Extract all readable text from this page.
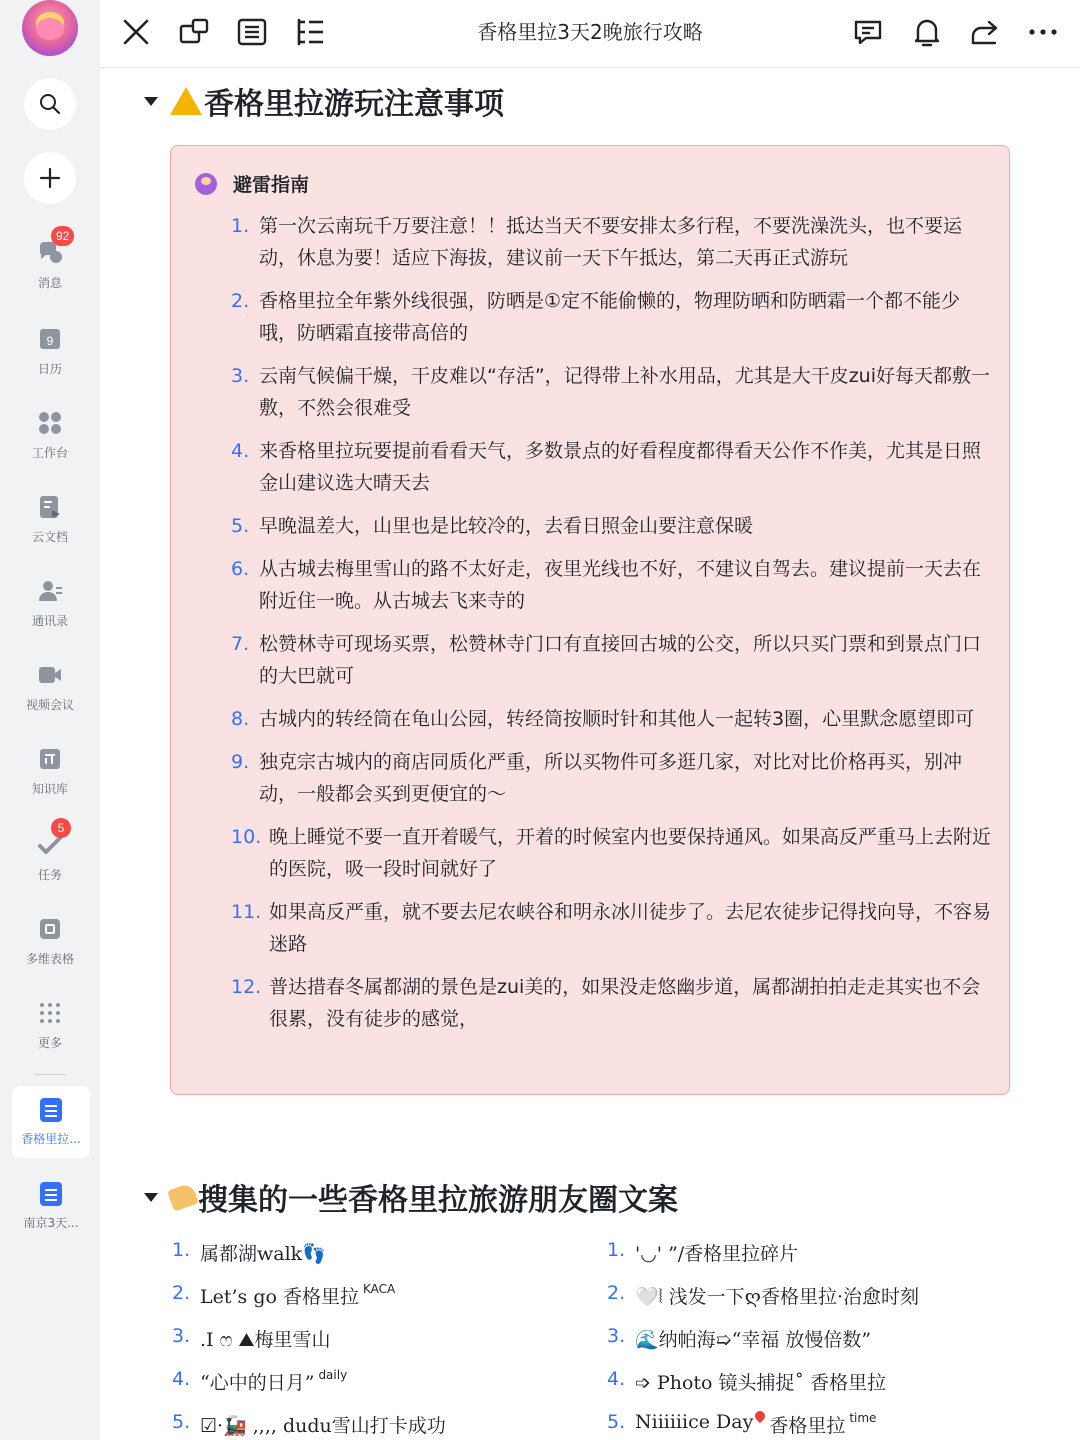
92
消息
9
日历
工作台
云文档
通讯录
视频会议
知识库
5
任务
多维表格
更多
香格里拉...
南京3天...
香格里拉3天2晚旅行攻略
香格里拉游玩注意事项
避雷指南
1. 第一次云南玩千万要注意！！抵达当天不要安排太多行程，不要洗澡洗头，也不要运动，休息为要！适应下海拔，建议前一天下午抵达，第二天再正式游玩
2. 香格里拉全年紫外线很强，防晒是①定不能偷懒的，物理防晒和防晒霜一个都不能少哦，防晒霜直接带高倍的
3. 云南气候偏干燥，干皮难以“存活”，记得带上补水用品，尤其是大干皮zui好每天都敷一敷，不然会很难受
4. 来香格里拉玩要提前看看天气，多数景点的好看程度都得看天公作不作美，尤其是日照金山建议选大晴天去
5. 早晚温差大，山里也是比较冷的，去看日照金山要注意保暖
6. 从古城去梅里雪山的路不太好走，夜里光线也不好，不建议自驾去。建议提前一天去在附近住一晚。从古城去飞来寺的
7. 松赞林寺可现场买票，松赞林寺门口有直接回古城的公交，所以只买门票和到景点门口的大巴就可
8. 古城内的转经筒在龟山公园，转经筒按顺时针和其他人一起转3圈，心里默念愿望即可
9. 独克宗古城内的商店同质化严重，所以买物件可多逛几家，对比对比价格再买，别冲动，一般都会买到更便宜的～
10. 晚上睡觉不要一直开着暖气，开着的时候室内也要保持通风。如果高反严重马上去附近的医院，吸一段时间就好了
11. 如果高反严重，就不要去尼农峡谷和明永冰川徒步了。去尼农徒步记得找向导，不容易迷路
12. 普达措春冬属都湖的景色是zui美的，如果没走悠幽步道，属都湖拍拍走走其实也不会很累，没有徒步的感觉，
搜集的一些香格里拉旅游朋友圈文案
1. 属都湖walk👣
2. Let’s go 香格里拉 KACA
3. .I ෆ ⛰梅里雪山
4. “心中的日月” daily
5. ☑·🚂 ,,,, dudu雪山打卡成功
1. '◡' ”/香格里拉碎片
2. 🤍⦚ 浅发一下ღ香格里拉·治愈时刻
3. 🌊纳帕海➯“幸福 放慢倍数”
4. ➩ Photo 镜头捕捉˚ 香格里拉
5. Niiiiiice Day 香格里拉 time
